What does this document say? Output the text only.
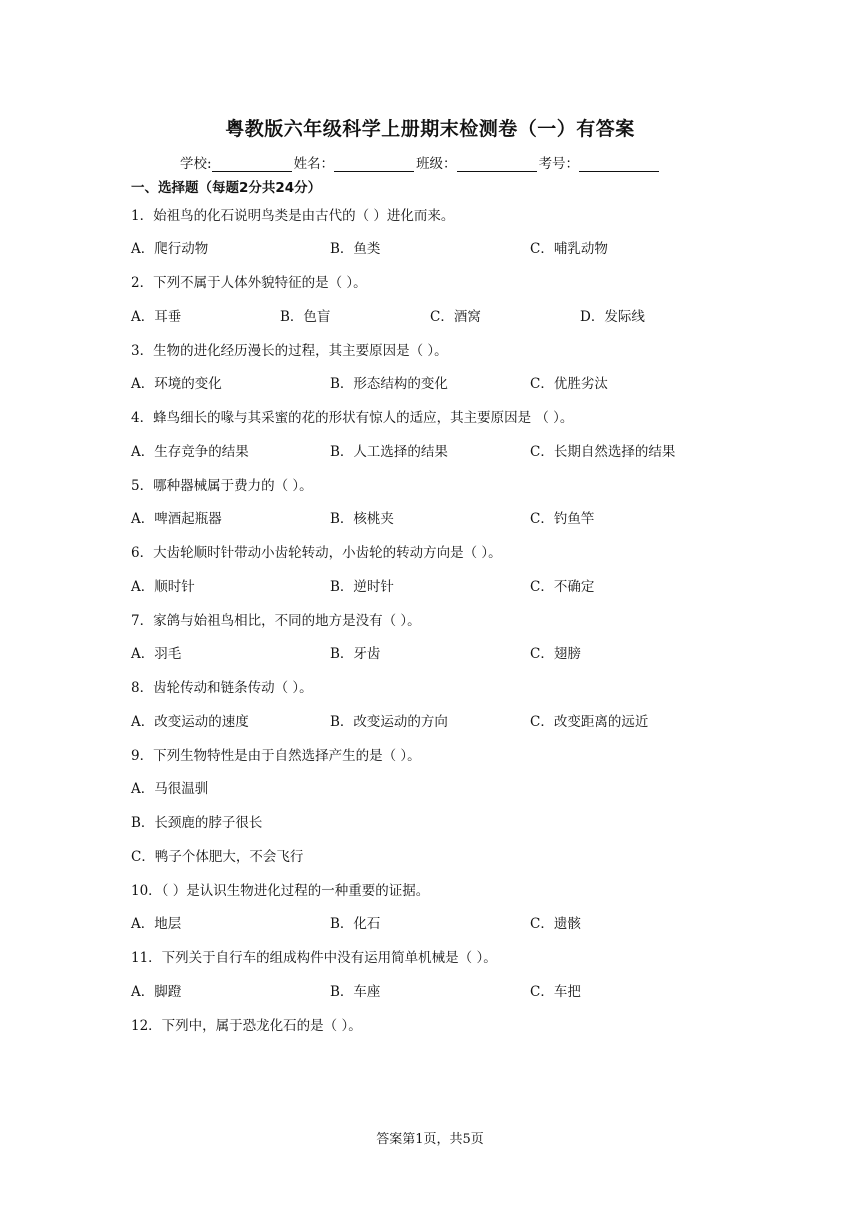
粤教版六年级科学上册期末检测卷（一）有答案
学校:	姓名：	班级：	考号：
一、选择题（每题2分共24分）
1．始祖鸟的化石说明鸟类是由古代的（ ）进化而来。
A．爬行动物	B．鱼类	C．哺乳动物
2．下列不属于人体外貌特征的是（ ）。
A．耳垂	B．色盲	C．酒窝	D．发际线
3．生物的进化经历漫长的过程，其主要原因是（ ）。
A．环境的变化	B．形态结构的变化	C．优胜劣汰
4．蜂鸟细长的喙与其采蜜的花的形状有惊人的适应，其主要原因是 （ ）。
A．生存竞争的结果	B．人工选择的结果	C．长期自然选择的结果
5．哪种器械属于费力的（ ）。
A．啤酒起瓶器	B．核桃夹	C．钓鱼竿
6．大齿轮顺时针带动小齿轮转动，小齿轮的转动方向是（ ）。
A．顺时针	B．逆时针	C．不确定
7．家鸽与始祖鸟相比，不同的地方是没有（ ）。
A．羽毛	B．牙齿	C．翅膀
8．齿轮传动和链条传动（ ）。
A．改变运动的速度	B．改变运动的方向	C．改变距离的远近
9．下列生物特性是由于自然选择产生的是（ ）。
A．马很温驯
B．长颈鹿的脖子很长
C．鸭子个体肥大，不会飞行
10．（ ）是认识生物进化过程的一种重要的证据。
A．地层	B．化石	C．遗骸
11．下列关于自行车的组成构件中没有运用简单机械是（ ）。
A．脚蹬	B．车座	C．车把
12．下列中，属于恐龙化石的是（ ）。
答案第1页，共5页
